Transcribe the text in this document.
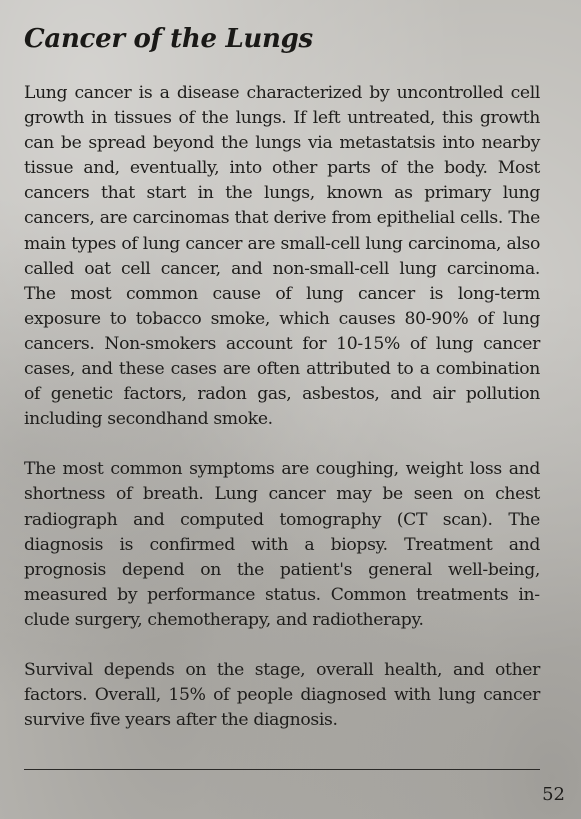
Cancer of the Lungs

Lung cancer is a disease characterized by uncontrolled cell growth in tissues of the lungs. If left untreated, this growth can be spread beyond the lungs via metastatsis into nearby tissue and, eventually, into other parts of the body. Most cancers that start in the lungs, known as primary lung cancers, are carcinomas that derive from epithelial cells. The main types of lung cancer are small-cell lung carcinoma, also called oat cell cancer, and non-small-cell lung carcinoma. The most common cause of lung cancer is long-term exposure to tobacco smoke, which causes 80-90% of lung cancers. Non-smokers account for 10-15% of lung cancer cases, and these cases are often attributed to a combination of genetic factors, radon gas, asbestos, and air pollution including secondhand smoke.

The most common symptoms are coughing, weight loss and shortness of breath. Lung cancer may be seen on chest radiograph and computed tomography (CT scan). The diagnosis is confirmed with a biopsy. Treatment and prognosis depend on the patient's general well-being, measured by performance status. Common treatments include surgery, chemotherapy, and radiotherapy.

Survival depends on the stage, overall health, and other factors. Overall, 15% of people diagnosed with lung cancer survive five years after the diagnosis.

52
